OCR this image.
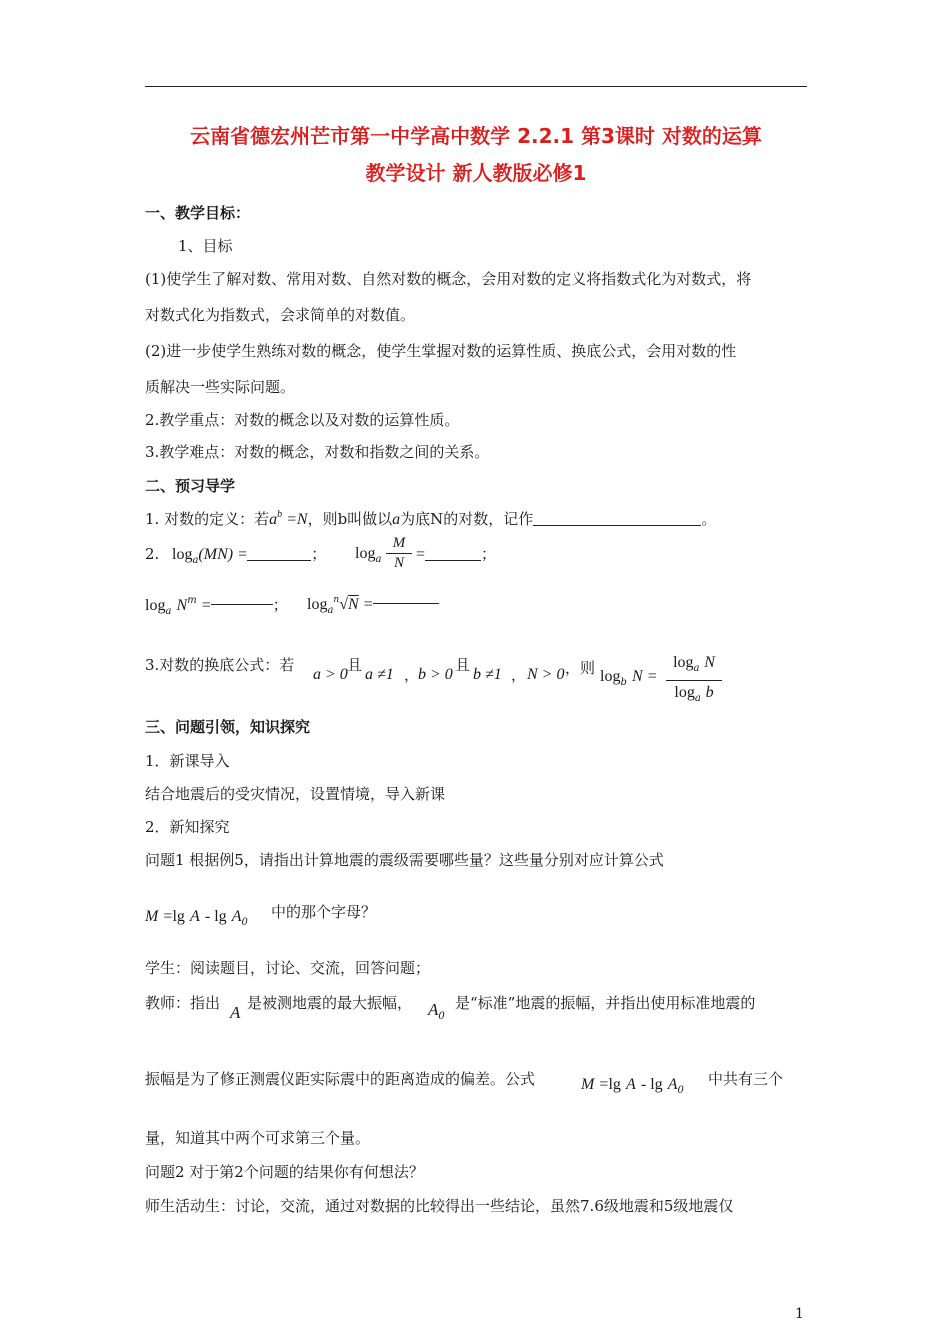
云南省德宏州芒市第一中学高中数学 2.2.1 第3课时 对数的运算
教学设计 新人教版必修1
一、教学目标：
1、目标
(1)使学生了解对数、常用对数、自然对数的概念，会用对数的定义将指数式化为对数式，将
对数式化为指数式，会求简单的对数值。
(2)进一步使学生熟练对数的概念，使学生掌握对数的运算性质、换底公式，会用对数的性
质解决一些实际问题。
2.教学重点：对数的概念以及对数的运算性质。
3.教学难点：对数的概念，对数和指数之间的关系。
二、预习导学
1. 对数的定义：若$a^b =N$，则b叫做以a为底N的对数，记作	。
2. $\log_a(MN)$ =	； $\log_a \frac{M}{N}$ =	；
$\log_a N^m$ =	； $\log_a^n√N$ =
3.对数的换底公式：若
a > 0
且
a ≠1 ，
b > 0
且
b ≠1 ， N > 0 ，则 $\log_b N = \frac{\log_a N}{\log_a b}$
三、问题引领，知识探究
1．新课导入
结合地震后的受灾情况，设置情境，导入新课
2．新知探究
问题1 根据例5，请指出计算地震的震级需要哪些量？这些量分别对应计算公式
M =lg A - $\lg A_0$
中的那个字母？
学生：阅读题目，讨论、交流，回答问题；
教师：指出 A 是被测地震的最大振幅， $A_0$
是“标准”地震的振幅，并指出使用标准地震的
振幅是为了修正测震仪距实际震中的距离造成的偏差。公式	M =lg A - $\lg A_0$
中共有三个
量，知道其中两个可求第三个量。
问题2 对于第2个问题的结果你有何想法？
师生活动生：讨论，交流，通过对数据的比较得出一些结论，虽然7.6级地震和5级地震仅
1
